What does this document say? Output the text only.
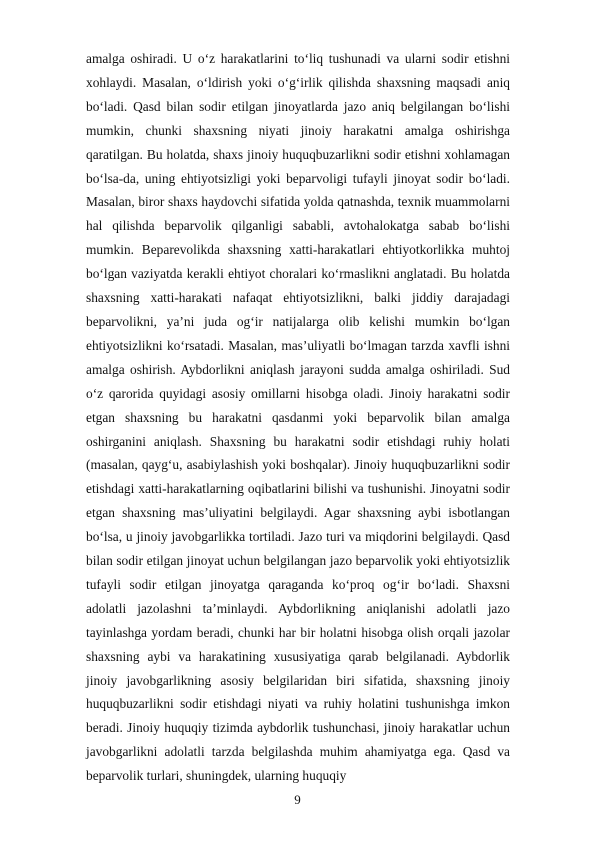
amalga oshiradi. U oʻz harakatlarini toʻliq tushunadi va ularni sodir etishni xohlaydi. Masalan, oʻldirish yoki oʻgʻirlik qilishda shaxsning maqsadi aniq boʻladi. Qasd bilan sodir etilgan jinoyatlarda jazo aniq belgilangan boʻlishi mumkin, chunki shaxsning niyati jinoiy harakatni amalga oshirishga qaratilgan. Bu holatda, shaxs jinoiy huquqbuzarlikni sodir etishni xohlamagan boʻlsa-da, uning ehtiyotsizligi yoki beparvoligi tufayli jinoyat sodir boʻladi. Masalan, biror shaxs haydovchi sifatida yolda qatnashda, texnik muammolarni hal qilishda beparvolik qilganligi sababli, avtohalokatga sabab boʻlishi mumkin. Beparevolikda shaxsning xatti-harakatlari ehtiyotkorlikka muhtoj boʻlgan vaziyatda kerakli ehtiyot choralari koʻrmaslikni anglatadi. Bu holatda shaxsning xatti-harakati nafaqat ehtiyotsizlikni, balki jiddiy darajadagi beparvolikni, yaʼni juda ogʻir natijalarga olib kelishi mumkin boʻlgan ehtiyotsizlikni koʻrsatadi. Masalan, masʼuliyatli boʻlmagan tarzda xavfli ishni amalga oshirish. Aybdorlikni aniqlash jarayoni sudda amalga oshiriladi. Sud oʻz qarorida quyidagi asosiy omillarni hisobga oladi. Jinoiy harakatni sodir etgan shaxsning bu harakatni qasdanmi yoki beparvolik bilan amalga oshirganini aniqlash. Shaxsning bu harakatni sodir etishdagi ruhiy holati (masalan, qaygʻu, asabiylashish yoki boshqalar). Jinoiy huquqbuzarlikni sodir etishdagi xatti-harakatlarning oqibatlarini bilishi va tushunishi. Jinoyatni sodir etgan shaxsning masʼuliyatini belgilaydi. Agar shaxsning aybi isbotlangan boʻlsa, u jinoiy javobgarlikka tortiladi. Jazo turi va miqdorini belgilaydi. Qasd bilan sodir etilgan jinoyat uchun belgilangan jazo beparvolik yoki ehtiyotsizlik tufayli sodir etilgan jinoyatga qaraganda koʻproq ogʻir boʻladi. Shaxsni adolatli jazolashni taʼminlaydi. Aybdorlikning aniqlanishi adolatli jazo tayinlashga yordam beradi, chunki har bir holatni hisobga olish orqali jazolar shaxsning aybi va harakatining xususiyatiga qarab belgilanadi. Aybdorlik jinoiy javobgarlikning asosiy belgilaridan biri sifatida, shaxsning jinoiy huquqbuzarlikni sodir etishdagi niyati va ruhiy holatini tushunishga imkon beradi. Jinoiy huquqiy tizimda aybdorlik tushunchasi, jinoiy harakatlar uchun javobgarlikni adolatli tarzda belgilashda muhim ahamiyatga ega. Qasd va beparvolik turlari, shuningdek, ularning huquqiy

9
